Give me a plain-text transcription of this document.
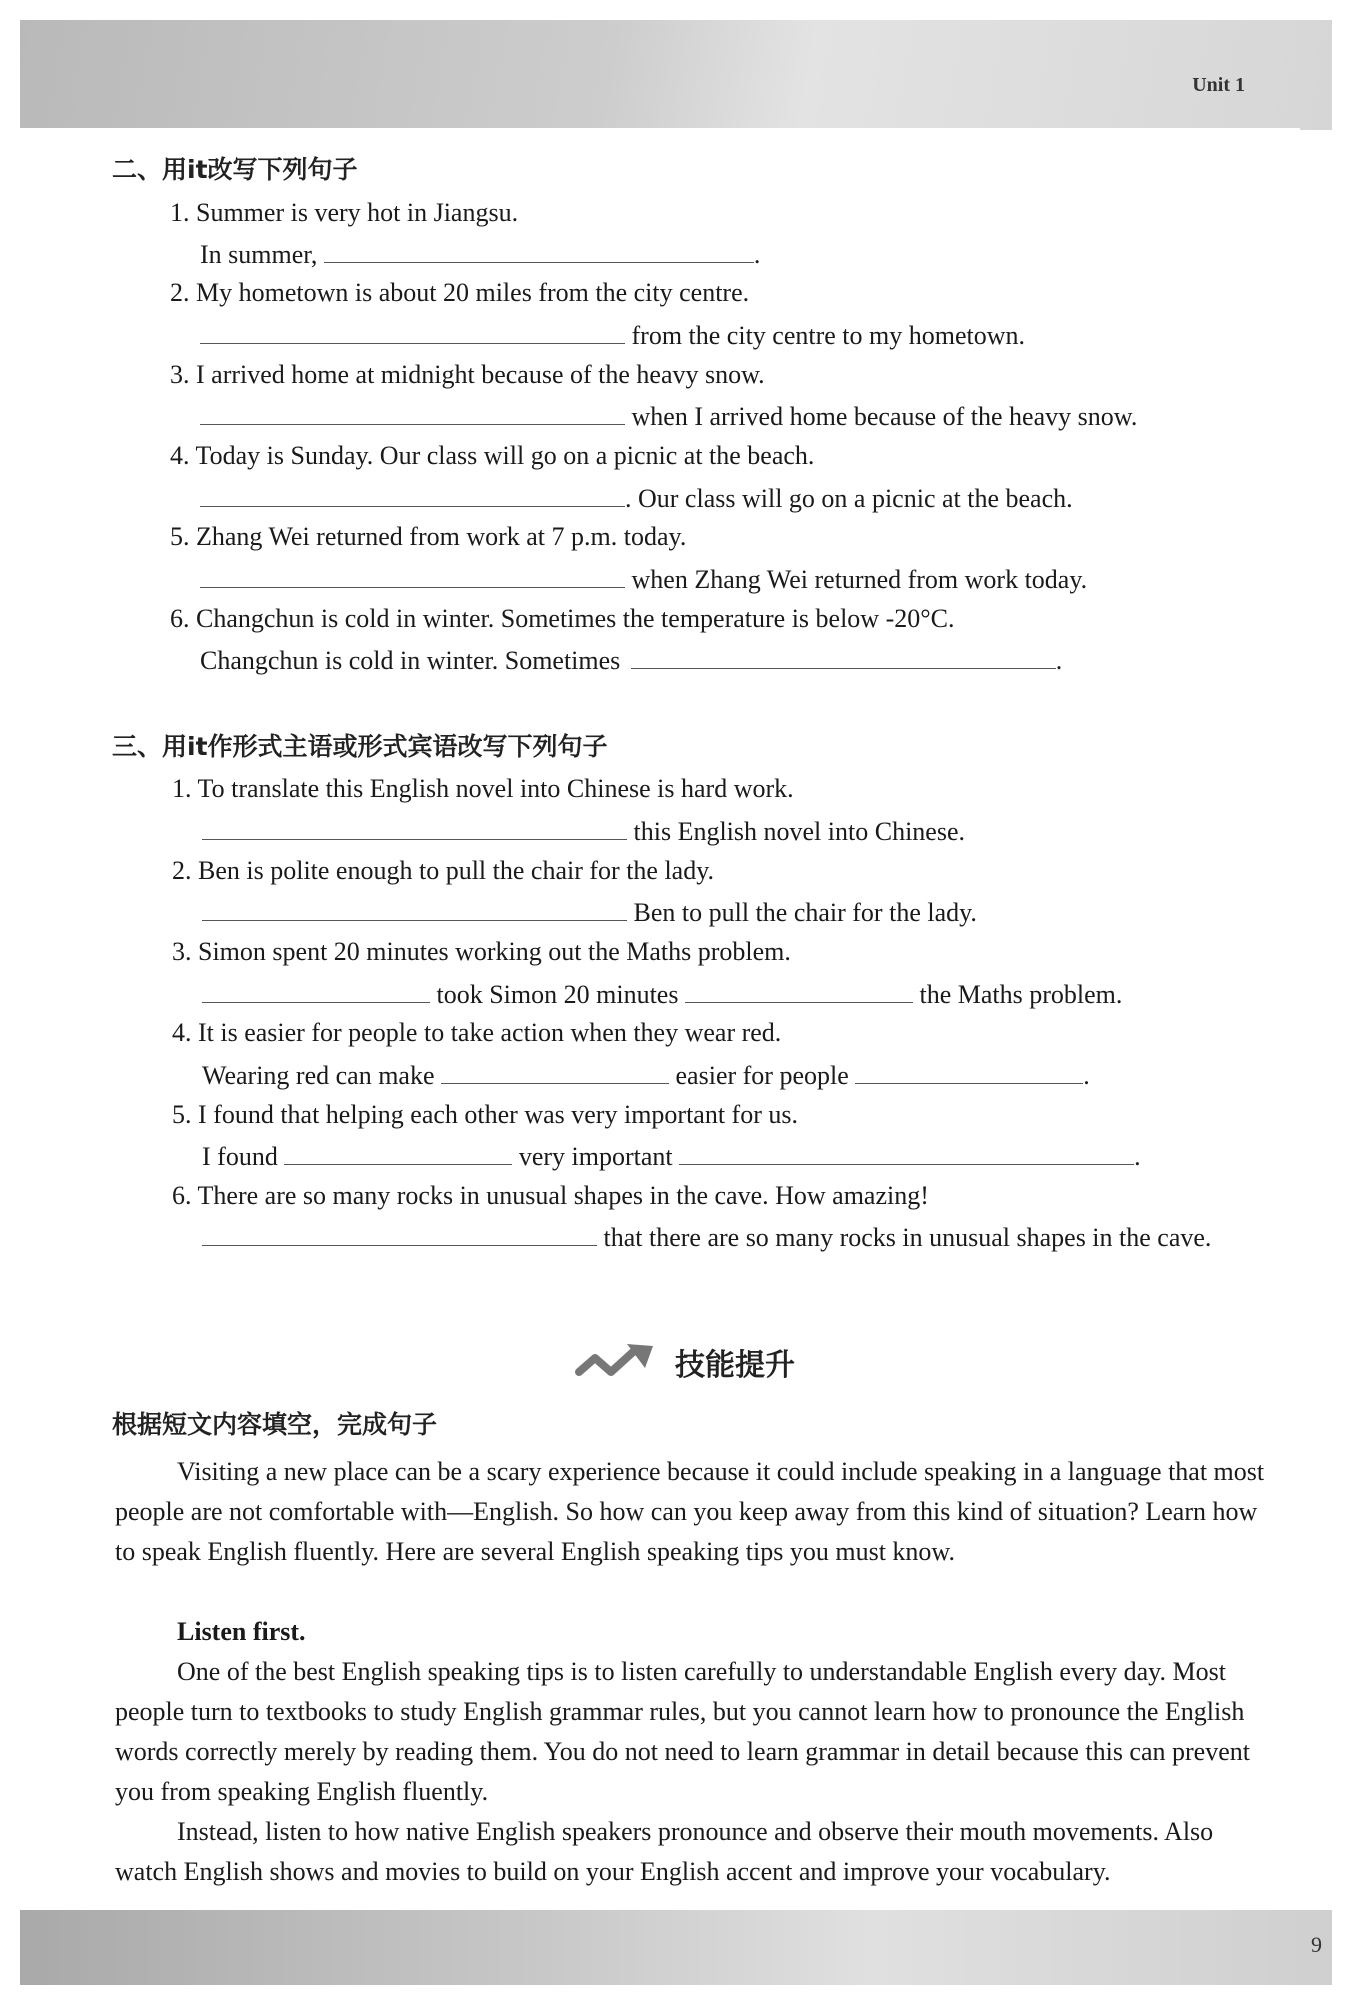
Unit 1
9
二、用it改写下列句子
1. Summer is very hot in Jiangsu.
In summer,	.
2. My hometown is about 20 miles from the city centre.
from the city centre to my hometown.
3. I arrived home at midnight because of the heavy snow.
when I arrived home because of the heavy snow.
4. Today is Sunday. Our class will go on a picnic at the beach.
. Our class will go on a picnic at the beach.
5. Zhang Wei returned from work at 7 p.m. today.
when Zhang Wei returned from work today.
6. Changchun is cold in winter. Sometimes the temperature is below -20°C.
Changchun is cold in winter. Sometimes	.
三、用it作形式主语或形式宾语改写下列句子
1. To translate this English novel into Chinese is hard work.
this English novel into Chinese.
2. Ben is polite enough to pull the chair for the lady.
Ben to pull the chair for the lady.
3. Simon spent 20 minutes working out the Maths problem.
took Simon 20 minutes	the Maths problem.
4. It is easier for people to take action when they wear red.
Wearing red can make	easier for people	.
5. I found that helping each other was very important for us.
I found	very important	.
6. There are so many rocks in unusual shapes in the cave. How amazing!
that there are so many rocks in unusual shapes in the cave.
技能提升
根据短文内容填空，完成句子
Visiting a new place can be a scary experience because it could include speaking in a language that most people are not comfortable with—English. So how can you keep away from this kind of situation? Learn how to speak English fluently. Here are several English speaking tips you must know.
Listen first.
One of the best English speaking tips is to listen carefully to understandable English every day. Most people turn to textbooks to study English grammar rules, but you cannot learn how to pronounce the English words correctly merely by reading them. You do not need to learn grammar in detail because this can prevent you from speaking English fluently.
Instead, listen to how native English speakers pronounce and observe their mouth movements. Also watch English shows and movies to build on your English accent and improve your vocabulary.
